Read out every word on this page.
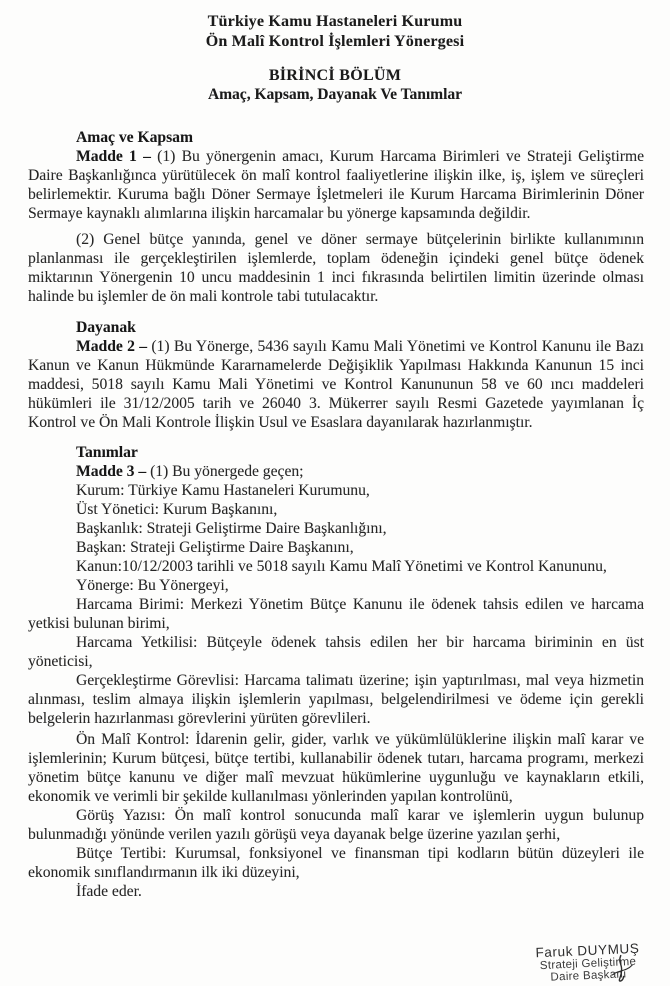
Türkiye Kamu Hastaneleri Kurumu
Ön Malî Kontrol İşlemleri Yönergesi
BİRİNCİ BÖLÜM
Amaç, Kapsam, Dayanak Ve Tanımlar

Amaç ve Kapsam

Madde 1 – (1) Bu yönergenin amacı, Kurum Harcama Birimleri ve Strateji Geliştirme Daire Başkanlığınca yürütülecek ön malî kontrol faaliyetlerine ilişkin ilke, iş, işlem ve süreçleri belirlemektir. Kuruma bağlı Döner Sermaye İşletmeleri ile Kurum Harcama Birimlerinin Döner Sermaye kaynaklı alımlarına ilişkin harcamalar bu yönerge kapsamında değildir.

(2) Genel bütçe yanında, genel ve döner sermaye bütçelerinin birlikte kullanımının planlanması ile gerçekleştirilen işlemlerde, toplam ödeneğin içindeki genel bütçe ödenek miktarının Yönergenin 10 uncu maddesinin 1 inci fıkrasında belirtilen limitin üzerinde olması halinde bu işlemler de ön mali kontrole tabi tutulacaktır.

Dayanak

Madde 2 – (1) Bu Yönerge, 5436 sayılı Kamu Mali Yönetimi ve Kontrol Kanunu ile Bazı Kanun ve Kanun Hükmünde Kararnamelerde Değişiklik Yapılması Hakkında Kanunun 15 inci maddesi, 5018 sayılı Kamu Mali Yönetimi ve Kontrol Kanununun 58 ve 60 ıncı maddeleri hükümleri ile 31/12/2005 tarih ve 26040 3. Mükerrer sayılı Resmi Gazetede yayımlanan İç Kontrol ve Ön Mali Kontrole İlişkin Usul ve Esaslara dayanılarak hazırlanmıştır.

Tanımlar

Madde 3 – (1) Bu yönergede geçen;

Kurum: Türkiye Kamu Hastaneleri Kurumunu,

Üst Yönetici: Kurum Başkanını,

Başkanlık: Strateji Geliştirme Daire Başkanlığını,

Başkan: Strateji Geliştirme Daire Başkanını,

Kanun:10/12/2003 tarihli ve 5018 sayılı Kamu Malî Yönetimi ve Kontrol Kanununu,

Yönerge: Bu Yönergeyi,

Harcama Birimi: Merkezi Yönetim Bütçe Kanunu ile ödenek tahsis edilen ve harcama yetkisi bulunan birimi,

Harcama Yetkilisi: Bütçeyle ödenek tahsis edilen her bir harcama biriminin en üst yöneticisi,

Gerçekleştirme Görevlisi: Harcama talimatı üzerine; işin yaptırılması, mal veya hizmetin alınması, teslim almaya ilişkin işlemlerin yapılması, belgelendirilmesi ve ödeme için gerekli belgelerin hazırlanması görevlerini yürüten görevlileri.

Ön Malî Kontrol: İdarenin gelir, gider, varlık ve yükümlülüklerine ilişkin malî karar ve işlemlerinin; Kurum bütçesi, bütçe tertibi, kullanabilir ödenek tutarı, harcama programı, merkezi yönetim bütçe kanunu ve diğer malî mevzuat hükümlerine uygunluğu ve kaynakların etkili, ekonomik ve verimli bir şekilde kullanılması yönlerinden yapılan kontrolünü,

Görüş Yazısı: Ön malî kontrol sonucunda malî karar ve işlemlerin uygun bulunup bulunmadığı yönünde verilen yazılı görüşü veya dayanak belge üzerine yazılan şerhi,

Bütçe Tertibi: Kurumsal, fonksiyonel ve finansman tipi kodların bütün düzeyleri ile ekonomik sınıflandırmanın ilk iki düzeyini,

İfade eder.

Faruk DUYMUŞ
Strateji Geliştirme
Daire Başkanı
